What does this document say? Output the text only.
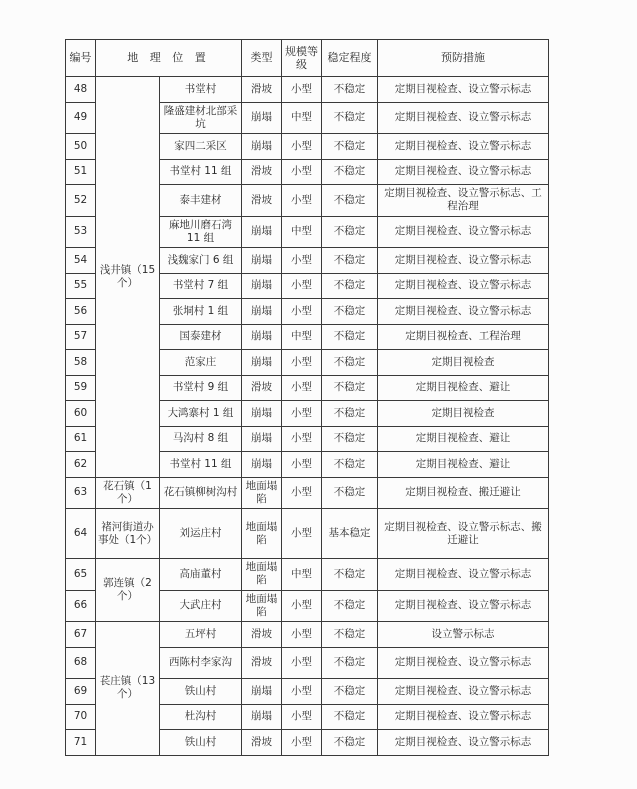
编号	地 理 位 置		类型	规模等级	稳定程度	预防措施
48	浅井镇（15个）	书堂村	滑坡	小型	不稳定	定期目视检查、设立警示标志
49		隆盛建材北部采坑	崩塌	中型	不稳定	定期目视检查、设立警示标志
50		家四二采区	崩塌	小型	不稳定	定期目视检查、设立警示标志
51		书堂村 11 组	滑坡	小型	不稳定	定期目视检查、设立警示标志
52		泰丰建材	滑坡	小型	不稳定	定期目视检查、设立警示标志、工程治理
53		麻地川磨石湾 11 组	崩塌	中型	不稳定	定期目视检查、设立警示标志
54		浅魏家门 6 组	崩塌	小型	不稳定	定期目视检查、设立警示标志
55		书堂村 7 组	崩塌	小型	不稳定	定期目视检查、设立警示标志
56		张垌村 1 组	崩塌	小型	不稳定	定期目视检查、设立警示标志
57		国泰建材	崩塌	中型	不稳定	定期目视检查、工程治理
58		范家庄	崩塌	小型	不稳定	定期目视检查
59		书堂村 9 组	滑坡	小型	不稳定	定期目视检查、避让
60		大鸿寨村 1 组	崩塌	小型	不稳定	定期目视检查
61		马沟村 8 组	崩塌	小型	不稳定	定期目视检查、避让
62		书堂村 11 组	崩塌	小型	不稳定	定期目视检查、避让
63	花石镇（1个）	花石镇柳树沟村	地面塌陷	小型	不稳定	定期目视检查、搬迁避让
64	褚河街道办事处（1个）	刘运庄村	地面塌陷	小型	基本稳定	定期目视检查、设立警示标志、搬迁避让
65	郭连镇（2个）	高庙董村	地面塌陷	中型	不稳定	定期目视检查、设立警示标志
66		大武庄村	地面塌陷	小型	不稳定	定期目视检查、设立警示标志
67	苌庄镇（13个）	五坪村	滑坡	小型	不稳定	设立警示标志
68		西陈村李家沟	滑坡	小型	不稳定	定期目视检查、设立警示标志
69		铁山村	崩塌	小型	不稳定	定期目视检查、设立警示标志
70		杜沟村	崩塌	小型	不稳定	定期目视检查、设立警示标志
71		铁山村	滑坡	小型	不稳定	定期目视检查、设立警示标志
